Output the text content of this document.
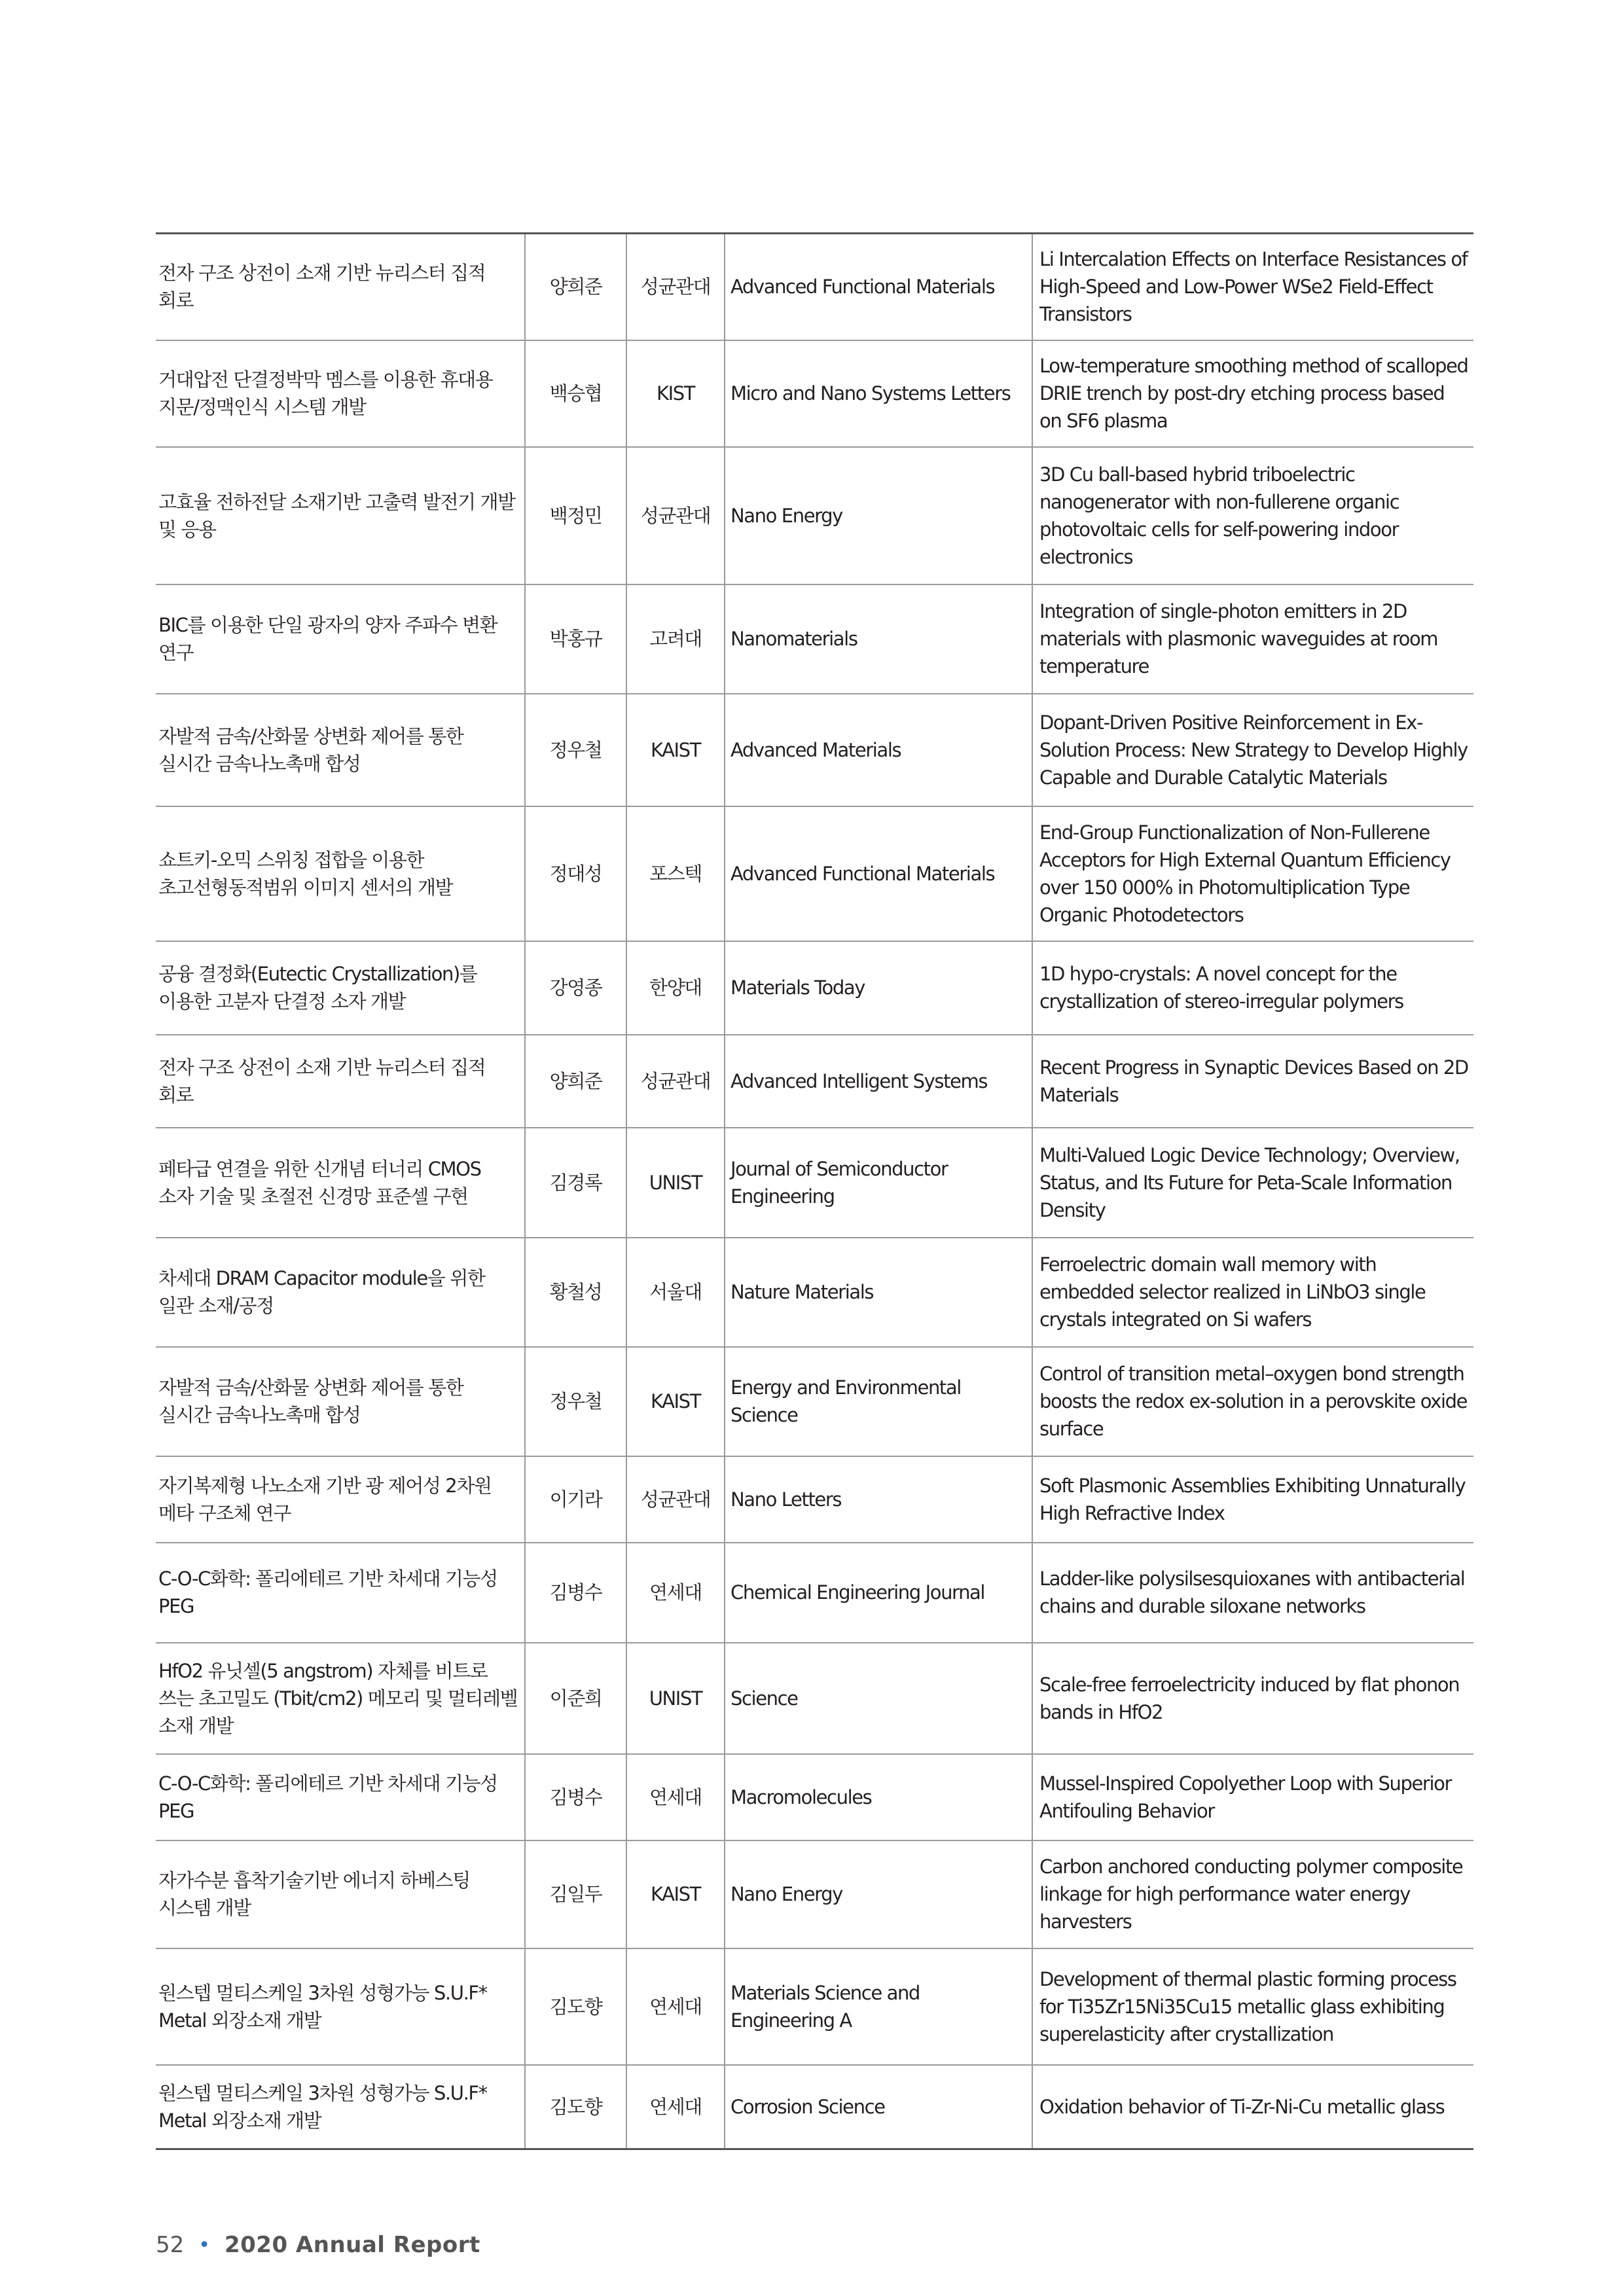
전자 구조 상전이 소재 기반 뉴리스터 집적 회로	양희준	성균관대	Advanced Functional Materials	Li Intercalation Effects on Interface Resistances of High-Speed and Low-Power WSe2 Field-Effect Transistors
거대압전 단결정박막 멤스를 이용한 휴대용 지문/정맥인식 시스템 개발	백승협	KIST	Micro and Nano Systems Letters	Low-temperature smoothing method of scalloped DRIE trench by post-dry etching process based on SF6 plasma
고효율 전하전달 소재기반 고출력 발전기 개발 및 응용	백정민	성균관대	Nano Energy	3D Cu ball-based hybrid triboelectric nanogenerator with non-fullerene organic photovoltaic cells for self-powering indoor electronics
BIC를 이용한 단일 광자의 양자 주파수 변환 연구	박홍규	고려대	Nanomaterials	Integration of single-photon emitters in 2D materials with plasmonic waveguides at room temperature
자발적 금속/산화물 상변화 제어를 통한 실시간 금속나노촉매 합성	정우철	KAIST	Advanced Materials	Dopant-Driven Positive Reinforcement in Ex-Solution Process: New Strategy to Develop Highly Capable and Durable Catalytic Materials
쇼트키-오믹 스위칭 접합을 이용한 초고선형동적범위 이미지 센서의 개발	정대성	포스텍	Advanced Functional Materials	End-Group Functionalization of Non-Fullerene Acceptors for High External Quantum Efficiency over 150 000% in Photomultiplication Type Organic Photodetectors
공융 결정화(Eutectic Crystallization)를 이용한 고분자 단결정 소자 개발	강영종	한양대	Materials Today	1D hypo-crystals: A novel concept for the crystallization of stereo-irregular polymers
전자 구조 상전이 소재 기반 뉴리스터 집적 회로	양희준	성균관대	Advanced Intelligent Systems	Recent Progress in Synaptic Devices Based on 2D Materials
페타급 연결을 위한 신개념 터너리 CMOS 소자 기술 및 초절전 신경망 표준셀 구현	김경록	UNIST	Journal of Semiconductor Engineering	Multi-Valued Logic Device Technology; Overview, Status, and Its Future for Peta-Scale Information Density
차세대 DRAM Capacitor module을 위한 일관 소재/공정	황철성	서울대	Nature Materials	Ferroelectric domain wall memory with embedded selector realized in LiNbO3 single crystals integrated on Si wafers
자발적 금속/산화물 상변화 제어를 통한 실시간 금속나노촉매 합성	정우철	KAIST	Energy and Environmental Science	Control of transition metal–oxygen bond strength boosts the redox ex-solution in a perovskite oxide surface
자기복제형 나노소재 기반 광 제어성 2차원 메타 구조체 연구	이기라	성균관대	Nano Letters	Soft Plasmonic Assemblies Exhibiting Unnaturally High Refractive Index
C-O-C화학: 폴리에테르 기반 차세대 기능성 PEG	김병수	연세대	Chemical Engineering Journal	Ladder-like polysilsesquioxanes with antibacterial chains and durable siloxane networks
HfO2 유닛셀(5 angstrom) 자체를 비트로 쓰는 초고밀도 (Tbit/cm2) 메모리 및 멀티레벨 소재 개발	이준희	UNIST	Science	Scale-free ferroelectricity induced by flat phonon bands in HfO2
C-O-C화학: 폴리에테르 기반 차세대 기능성 PEG	김병수	연세대	Macromolecules	Mussel-Inspired Copolyether Loop with Superior Antifouling Behavior
자가수분 흡착기술기반 에너지 하베스팅 시스템 개발	김일두	KAIST	Nano Energy	Carbon anchored conducting polymer composite linkage for high performance water energy harvesters
원스텝 멀티스케일 3차원 성형가능 S.U.F* Metal 외장소재 개발	김도향	연세대	Materials Science and Engineering A	Development of thermal plastic forming process for Ti35Zr15Ni35Cu15 metallic glass exhibiting superelasticity after crystallization
원스텝 멀티스케일 3차원 성형가능 S.U.F* Metal 외장소재 개발	김도향	연세대	Corrosion Science	Oxidation behavior of Ti-Zr-Ni-Cu metallic glass
52 • 2020 Annual Report
